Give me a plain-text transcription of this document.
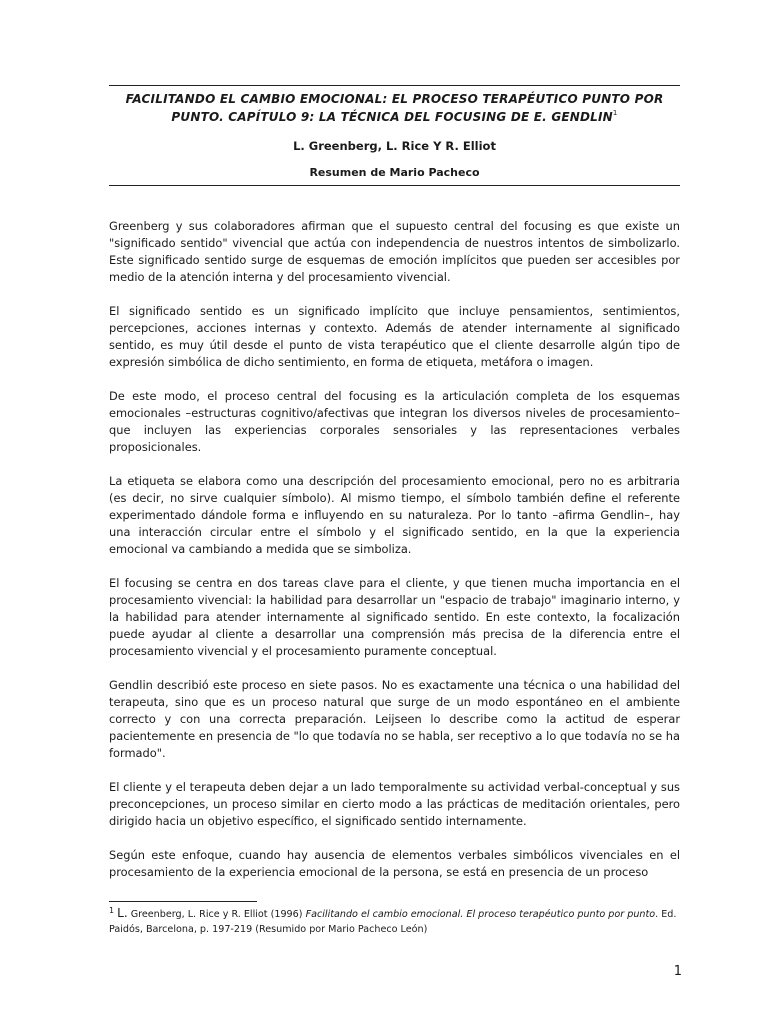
FACILITANDO EL CAMBIO EMOCIONAL: EL PROCESO TERAPÉUTICO PUNTO POR PUNTO. CAPÍTULO 9: LA TÉCNICA DEL FOCUSING DE E. GENDLIN$^1$
L. Greenberg, L. Rice Y R. Elliot
Resumen de Mario Pacheco

Greenberg y sus colaboradores afirman que el supuesto central del focusing es que existe un "significado sentido" vivencial que actúa con independencia de nuestros intentos de simbolizarlo. Este significado sentido surge de esquemas de emoción implícitos que pueden ser accesibles por medio de la atención interna y del procesamiento vivencial.

El significado sentido es un significado implícito que incluye pensamientos, sentimientos, percepciones, acciones internas y contexto. Además de atender internamente al significado sentido, es muy útil desde el punto de vista terapéutico que el cliente desarrolle algún tipo de expresión simbólica de dicho sentimiento, en forma de etiqueta, metáfora o imagen.

De este modo, el proceso central del focusing es la articulación completa de los esquemas emocionales –estructuras cognitivo/afectivas que integran los diversos niveles de procesamiento– que incluyen las experiencias corporales sensoriales y las representaciones verbales proposicionales.

La etiqueta se elabora como una descripción del procesamiento emocional, pero no es arbitraria (es decir, no sirve cualquier símbolo). Al mismo tiempo, el símbolo también define el referente experimentado dándole forma e influyendo en su naturaleza. Por lo tanto –afirma Gendlin–, hay una interacción circular entre el símbolo y el significado sentido, en la que la experiencia emocional va cambiando a medida que se simboliza.

El focusing se centra en dos tareas clave para el cliente, y que tienen mucha importancia en el procesamiento vivencial: la habilidad para desarrollar un "espacio de trabajo" imaginario interno, y la habilidad para atender internamente al significado sentido. En este contexto, la focalización puede ayudar al cliente a desarrollar una comprensión más precisa de la diferencia entre el procesamiento vivencial y el procesamiento puramente conceptual.

Gendlin describió este proceso en siete pasos. No es exactamente una técnica o una habilidad del terapeuta, sino que es un proceso natural que surge de un modo espontáneo en el ambiente correcto y con una correcta preparación. Leijseen lo describe como la actitud de esperar pacientemente en presencia de "lo que todavía no se habla, ser receptivo a lo que todavía no se ha formado".

El cliente y el terapeuta deben dejar a un lado temporalmente su actividad verbal-conceptual y sus preconcepciones, un proceso similar en cierto modo a las prácticas de meditación orientales, pero dirigido hacia un objetivo específico, el significado sentido internamente.

Según este enfoque, cuando hay ausencia de elementos verbales simbólicos vivenciales en el procesamiento de la experiencia emocional de la persona, se está en presencia de un proceso

$^1$ L. Greenberg, L. Rice y R. Elliot (1996) Facilitando el cambio emocional. El proceso terapéutico punto por punto. Ed. Paidós, Barcelona, p. 197-219 (Resumido por Mario Pacheco León)
1
